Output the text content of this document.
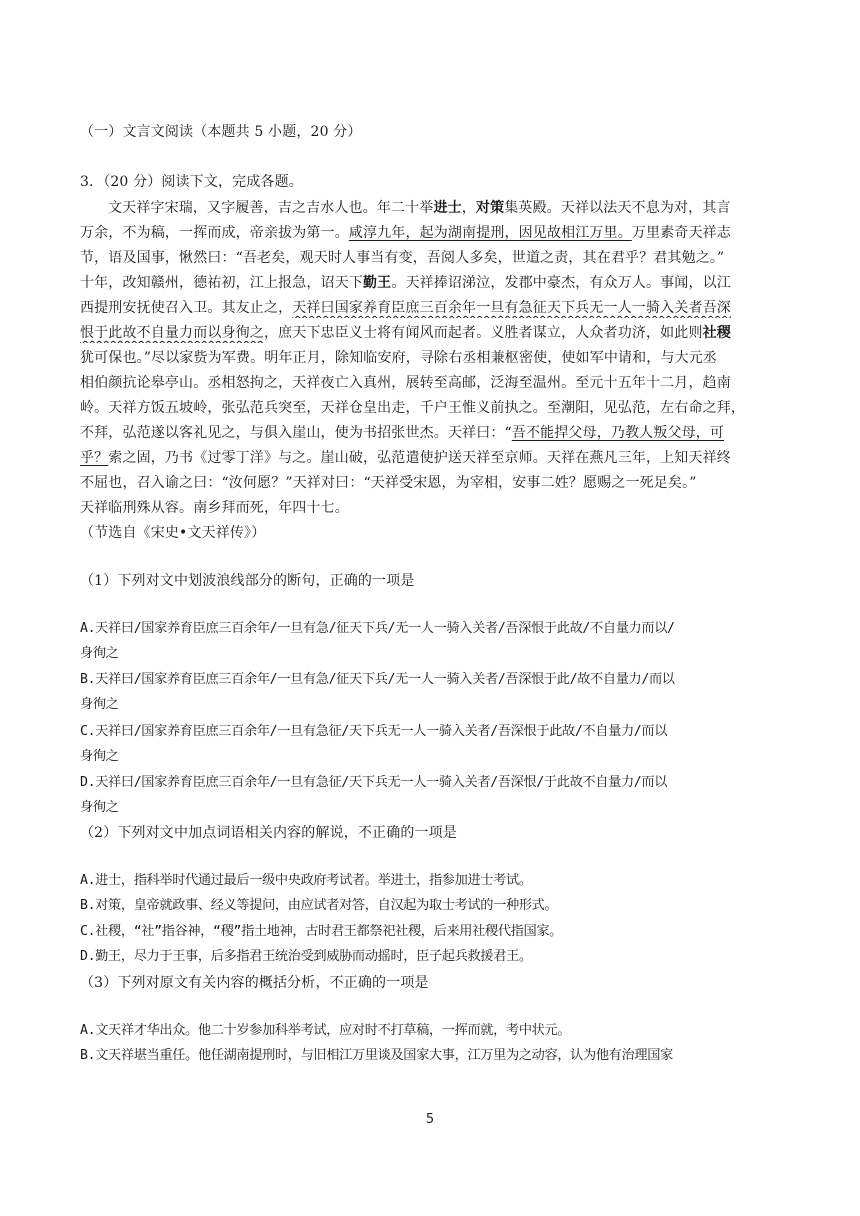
（一）文言文阅读（本题共 5 小题，20 分）
3．（20 分）阅读下文，完成各题。
文天祥字宋瑞，又字履善，吉之吉水人也。年二十举进士，对策集英殿。天祥以法天不息为对，其言
万余，不为稿，一挥而成，帝亲拔为第一。咸淳九年，起为湖南提刑，因见故相江万里。万里素奇天祥志
节，语及国事，愀然曰：“吾老矣，观天时人事当有变，吾阅人多矣，世道之责，其在君乎？君其勉之。”
十年，改知赣州，德祐初，江上报急，诏天下勤王。天祥捧诏涕泣，发郡中豪杰，有众万人。事闻，以江
西提刑安抚使召入卫。其友止之，天祥曰国家养育臣庶三百余年一旦有急征天下兵无一人一骑入关者吾深
恨于此故不自量力而以身徇之，庶天下忠臣义士将有闻风而起者。义胜者谋立，人众者功济，如此则社稷
犹可保也。”尽以家赀为军费。明年正月，除知临安府，寻除右丞相兼枢密使，使如军中请和，与大元丞
相伯颜抗论皋亭山。丞相怒拘之，天祥夜亡入真州，展转至高邮，泛海至温州。至元十五年十二月，趋南
岭。天祥方饭五坡岭，张弘范兵突至，天祥仓皇出走，千户王惟义前执之。至潮阳，见弘范，左右命之拜，
不拜，弘范遂以客礼见之，与俱入崖山，使为书招张世杰。天祥曰：“吾不能捍父母，乃教人叛父母，可
乎？索之固，乃书《过零丁洋》与之。崖山破，弘范遣使护送天祥至京师。天祥在燕凡三年，上知天祥终
不屈也，召入谕之曰：“汝何愿？”天祥对曰：“天祥受宋恩，为宰相，安事二姓？愿赐之一死足矣。”
天祥临刑殊从容。南乡拜而死，年四十七。
（节选自《宋史•文天祥传》）
（1）下列对文中划波浪线部分的断句，正确的一项是
A.天祥曰/国家养育臣庶三百余年/一旦有急/征天下兵/无一人一骑入关者/吾深恨于此故/不自量力而以/
身徇之
B.天祥曰/国家养育臣庶三百余年/一旦有急/征天下兵/无一人一骑入关者/吾深恨于此/故不自量力/而以
身徇之
C.天祥曰/国家养育臣庶三百余年/一旦有急征/天下兵无一人一骑入关者/吾深恨于此故/不自量力/而以
身徇之
D.天祥曰/国家养育臣庶三百余年/一旦有急征/天下兵无一人一骑入关者/吾深恨/于此故不自量力/而以
身徇之
（2）下列对文中加点词语相关内容的解说，不正确的一项是
A.进士，指科举时代通过最后一级中央政府考试者。举进士，指参加进士考试。
B.对策，皇帝就政事、经义等提问，由应试者对答，自汉起为取士考试的一种形式。
C.社稷，“社”指谷神，“稷”指土地神，古时君王都祭祀社稷，后来用社稷代指国家。
D.勤王，尽力于王事，后多指君王统治受到威胁而动摇时，臣子起兵救援君王。
（3）下列对原文有关内容的概括分析，不正确的一项是
A.文天祥才华出众。他二十岁参加科举考试，应对时不打草稿，一挥而就，考中状元。
B.文天祥堪当重任。他任湖南提刑时，与旧相江万里谈及国家大事，江万里为之动容，认为他有治理国家
5
